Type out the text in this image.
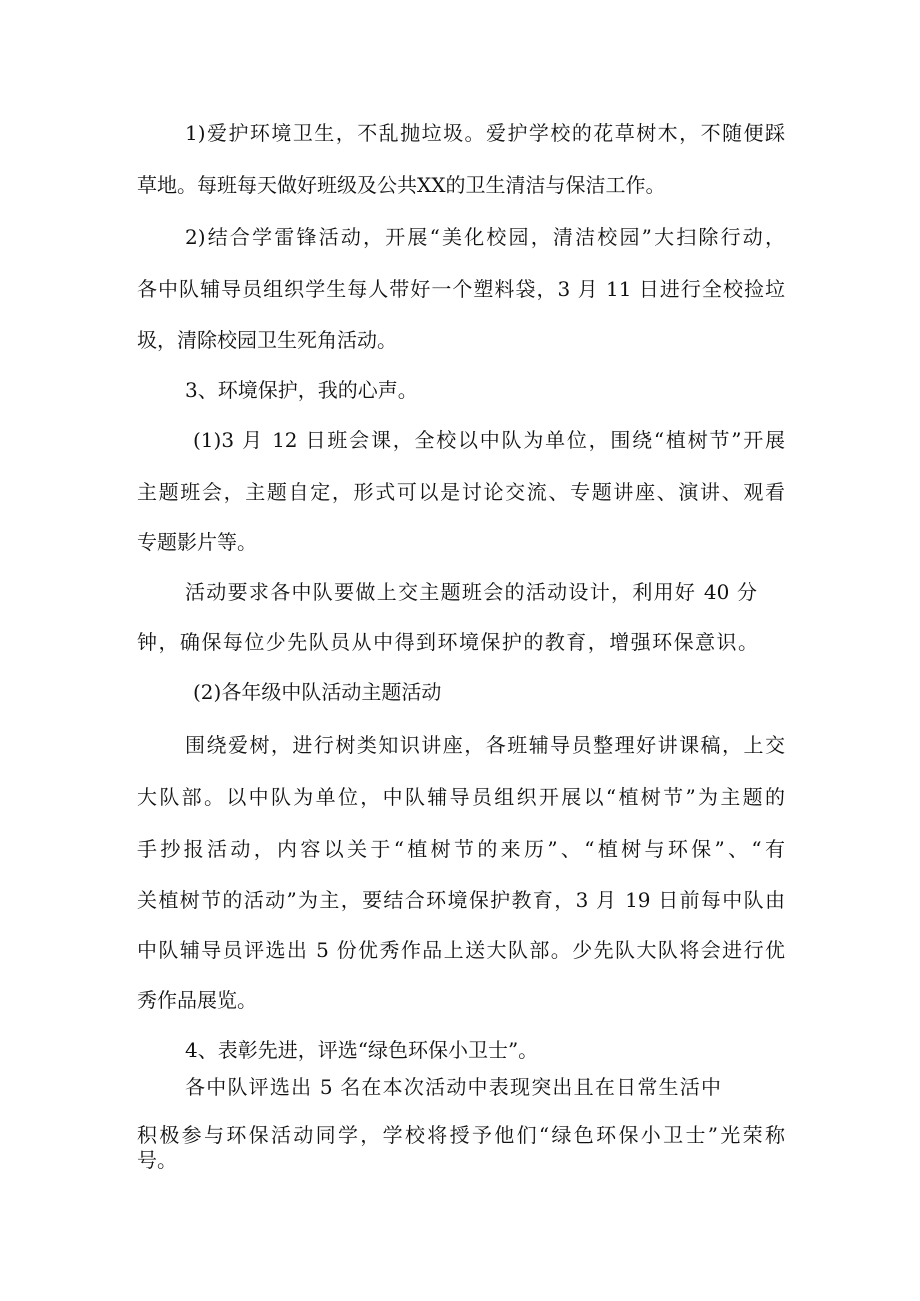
1)爱护环境卫生，不乱抛垃圾。爱护学校的花草树木，不随便踩
草地。每班每天做好班级及公共XX的卫生清洁与保洁工作。
2)结合学雷锋活动，开展“美化校园，清洁校园”大扫除行动，
各中队辅导员组织学生每人带好一个塑料袋，3 月 11 日进行全校捡垃
圾，清除校园卫生死角活动。
3、环境保护，我的心声。
(1)3 月 12 日班会课，全校以中队为单位，围绕“植树节”开展
主题班会，主题自定，形式可以是讨论交流、专题讲座、演讲、观看
专题影片等。
活动要求各中队要做上交主题班会的活动设计，利用好 40 分
钟，确保每位少先队员从中得到环境保护的教育，增强环保意识。
(2)各年级中队活动主题活动
围绕爱树，进行树类知识讲座，各班辅导员整理好讲课稿，上交
大队部。以中队为单位，中队辅导员组织开展以“植树节”为主题的
手抄报活动，内容以关于“植树节的来历”、“植树与环保”、“有
关植树节的活动”为主，要结合环境保护教育，3 月 19 日前每中队由
中队辅导员评选出 5 份优秀作品上送大队部。少先队大队将会进行优
秀作品展览。
4、表彰先进，评选“绿色环保小卫士”。
各中队评选出 5 名在本次活动中表现突出且在日常生活中
积极参与环保活动同学，学校将授予他们“绿色环保小卫士”光荣称
号。
